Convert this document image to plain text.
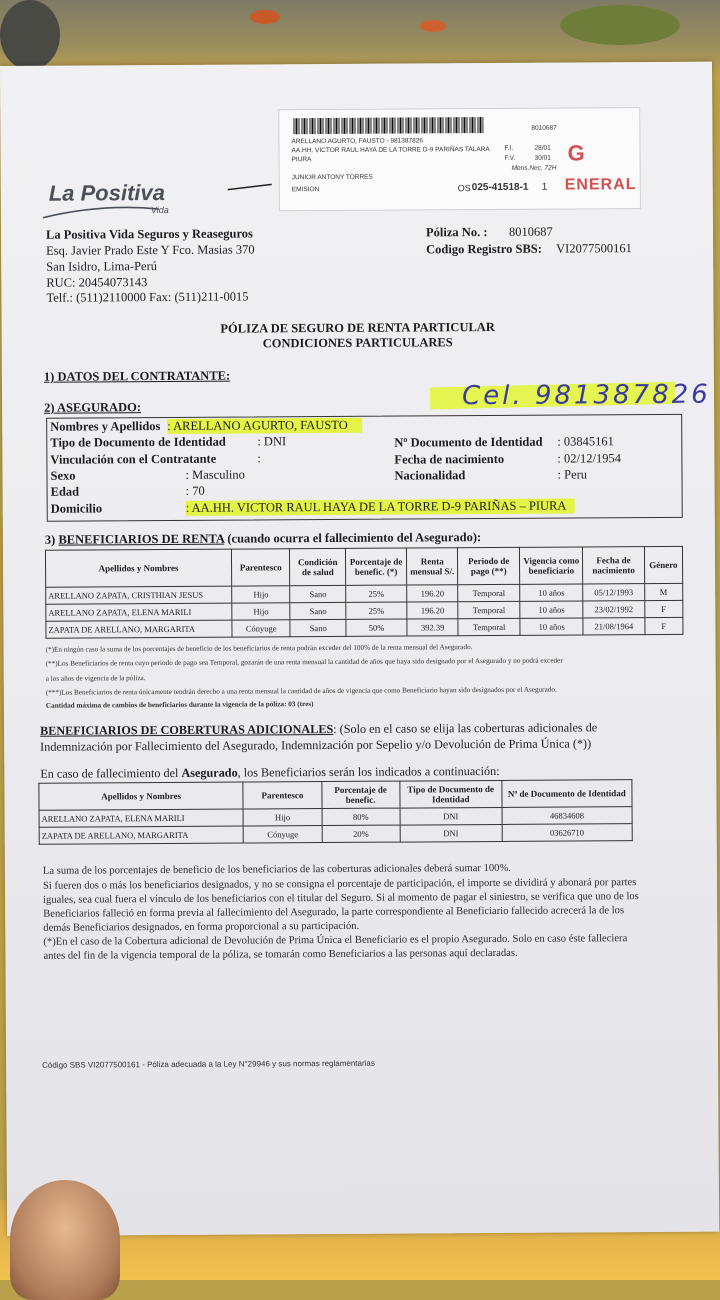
8010687
ARELLANO AGURTO, FAUSTO - 981387826
AA.HH. VICTOR RAUL HAYA DE LA TORRE D-9 PARIÑAS TALARA
PIURA
F.I.	28/01
F.V.	30/01
Mens.Nec. 72H
JUNIOR ANTONY TORRES
EMISION	OS 025-41518-1 1
G
ENERAL
La Positiva
Vida
La Positiva Vida Seguros y Reaseguros
Esq. Javier Prado Este Y Fco. Masias 370
San Isidro, Lima-Perú
RUC: 20454073143
Telf.: (511)2110000 Fax: (511)211-0015
Póliza No. : 8010687
Codigo Registro SBS: VI2077500161
PÓLIZA DE SEGURO DE RENTA PARTICULAR
CONDICIONES PARTICULARES
1) DATOS DEL CONTRATANTE:
Cel. 981387826
2) ASEGURADO:
Nombres y Apellidos : ARELLANO AGURTO, FAUSTO
Tipo de Documento de Identidad	: DNI	Nº Documento de Identidad : 03845161
Vinculación con el Contratante	:	Fecha de nacimiento	: 02/12/1954
Sexo	: Masculino	Nacionalidad	: Peru
Edad	: 70
Domicilio	: AA.HH. VICTOR RAUL HAYA DE LA TORRE D-9 PARIÑAS – PIURA
3) BENEFICIARIOS DE RENTA (cuando ocurra el fallecimiento del Asegurado):
Apellidos y Nombres	Parentesco	Condición de salud	Porcentaje de benefic. (*)	Renta mensual S/.	Periodo de pago (**)	Vigencia como beneficiario	Fecha de nacimiento	Género
ARELLANO ZAPATA, CRISTHIAN JESUS	Hijo	Sano	25%	196.20	Temporal	10 años	05/12/1993	M
ARELLANO ZAPATA, ELENA MARILI	Hijo	Sano	25%	196.20	Temporal	10 años	23/02/1992	F
ZAPATA DE ARELLANO, MARGARITA	Cónyuge	Sano	50%	392.39	Temporal	10 años	21/08/1964	F
(*)En ningún caso la suma de los porcentajes de beneficio de los beneficiarios de renta podrán exceder del 100% de la renta mensual del Asegurado.
(**)Los Beneficiarios de renta cuyo periodo de pago sea Temporal, gozarán de una renta mensual la cantidad de años que haya sido designado por el Asegurado y no podrá exceder
a los años de vigencia de la póliza.
(***)Los Beneficiarios de renta únicamente tendrán derecho a una renta mensual la cantidad de años de vigencia que como Beneficiario hayan sido designados por el Asegurado.
Cantidad máxima de cambios de beneficiarios durante la vigencia de la póliza: 03 (tres)
BENEFICIARIOS DE COBERTURAS ADICIONALES: (Solo en el caso se elija las coberturas adicionales de
Indemnización por Fallecimiento del Asegurado, Indemnización por Sepelio y/o Devolución de Prima Única (*))
En caso de fallecimiento del Asegurado, los Beneficiarios serán los indicados a continuación:
Apellidos y Nombres	Parentesco	Porcentaje de benefic.	Tipo de Documento de Identidad	Nº de Documento de Identidad
ARELLANO ZAPATA, ELENA MARILI	Hijo	80%	DNI	46834608
ZAPATA DE ARELLANO, MARGARITA	Cónyuge	20%	DNI	03626710
La suma de los porcentajes de beneficio de los beneficiarios de las coberturas adicionales deberá sumar 100%.
Si fueren dos o más los beneficiarios designados, y no se consigna el porcentaje de participación, el importe se dividirá y abonará por partes
iguales, sea cual fuera el vínculo de los beneficiarios con el titular del Seguro. Si al momento de pagar el siniestro, se verifica que uno de los
Beneficiarios falleció en forma previa al fallecimiento del Asegurado, la parte correspondiente al Beneficiario fallecido acrecerá la de los
demás Beneficiarios designados, en forma proporcional a su participación.
(*)En el caso de la Cobertura adicional de Devolución de Prima Única el Beneficiario es el propio Asegurado. Solo en caso éste falleciera
antes del fin de la vigencia temporal de la póliza, se tomarán como Beneficiarios a las personas aquí declaradas.
Código SBS VI2077500161 - Póliza adecuada a la Ley N°29946 y sus normas reglamentarias
